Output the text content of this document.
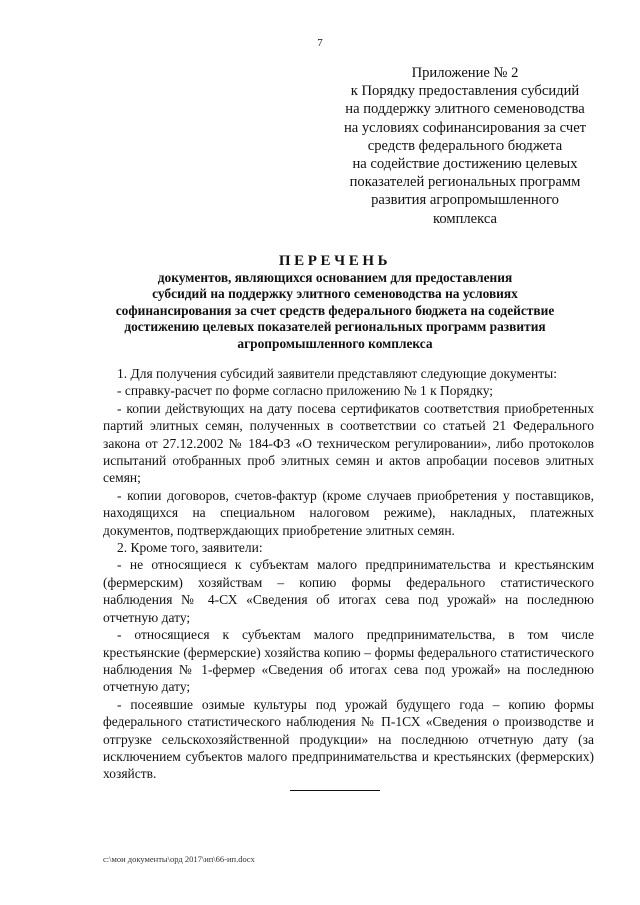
7
Приложение № 2
к Порядку предоставления субсидий
на поддержку элитного семеноводства
на условиях софинансирования за счет
средств федерального бюджета
на содействие достижению целевых
показателей региональных программ
развития агропромышленного
комплекса
ПЕРЕЧЕНЬ
документов, являющихся основанием для предоставления
субсидий на поддержку элитного семеноводства на условиях
софинансирования за счет средств федерального бюджета на содействие
достижению целевых показателей региональных программ развития
агропромышленного комплекса
1. Для получения субсидий заявители представляют следующие документы:
- справку-расчет по форме согласно приложению № 1 к Порядку;
- копии действующих на дату посева сертификатов соответствия приобретенных партий элитных семян, полученных в соответствии со статьей 21 Федерального закона от 27.12.2002 № 184-ФЗ «О техническом регулировании», либо протоколов испытаний отобранных проб элитных семян и актов апробации посевов элитных семян;
- копии договоров, счетов-фактур (кроме случаев приобретения у поставщиков, находящихся на специальном налоговом режиме), накладных, платежных документов, подтверждающих приобретение элитных семян.
2. Кроме того, заявители:
- не относящиеся к субъектам малого предпринимательства и крестьянским (фермерским) хозяйствам – копию формы федерального статистического наблюдения № 4-СХ «Сведения об итогах сева под урожай» на последнюю отчетную дату;
- относящиеся к субъектам малого предпринимательства, в том числе крестьянские (фермерские) хозяйства копию – формы федерального статистического наблюдения № 1-фермер «Сведения об итогах сева под урожай» на последнюю отчетную дату;
- посеявшие озимые культуры под урожай будущего года – копию формы федерального статистического наблюдения № П-1СХ «Сведения о производстве и отгрузке сельскохозяйственной продукции» на последнюю отчетную дату (за исключением субъектов малого предпринимательства и крестьянских (фермерских) хозяйств.
c:\мои документы\орд 2017\ип\66-ип.docx
